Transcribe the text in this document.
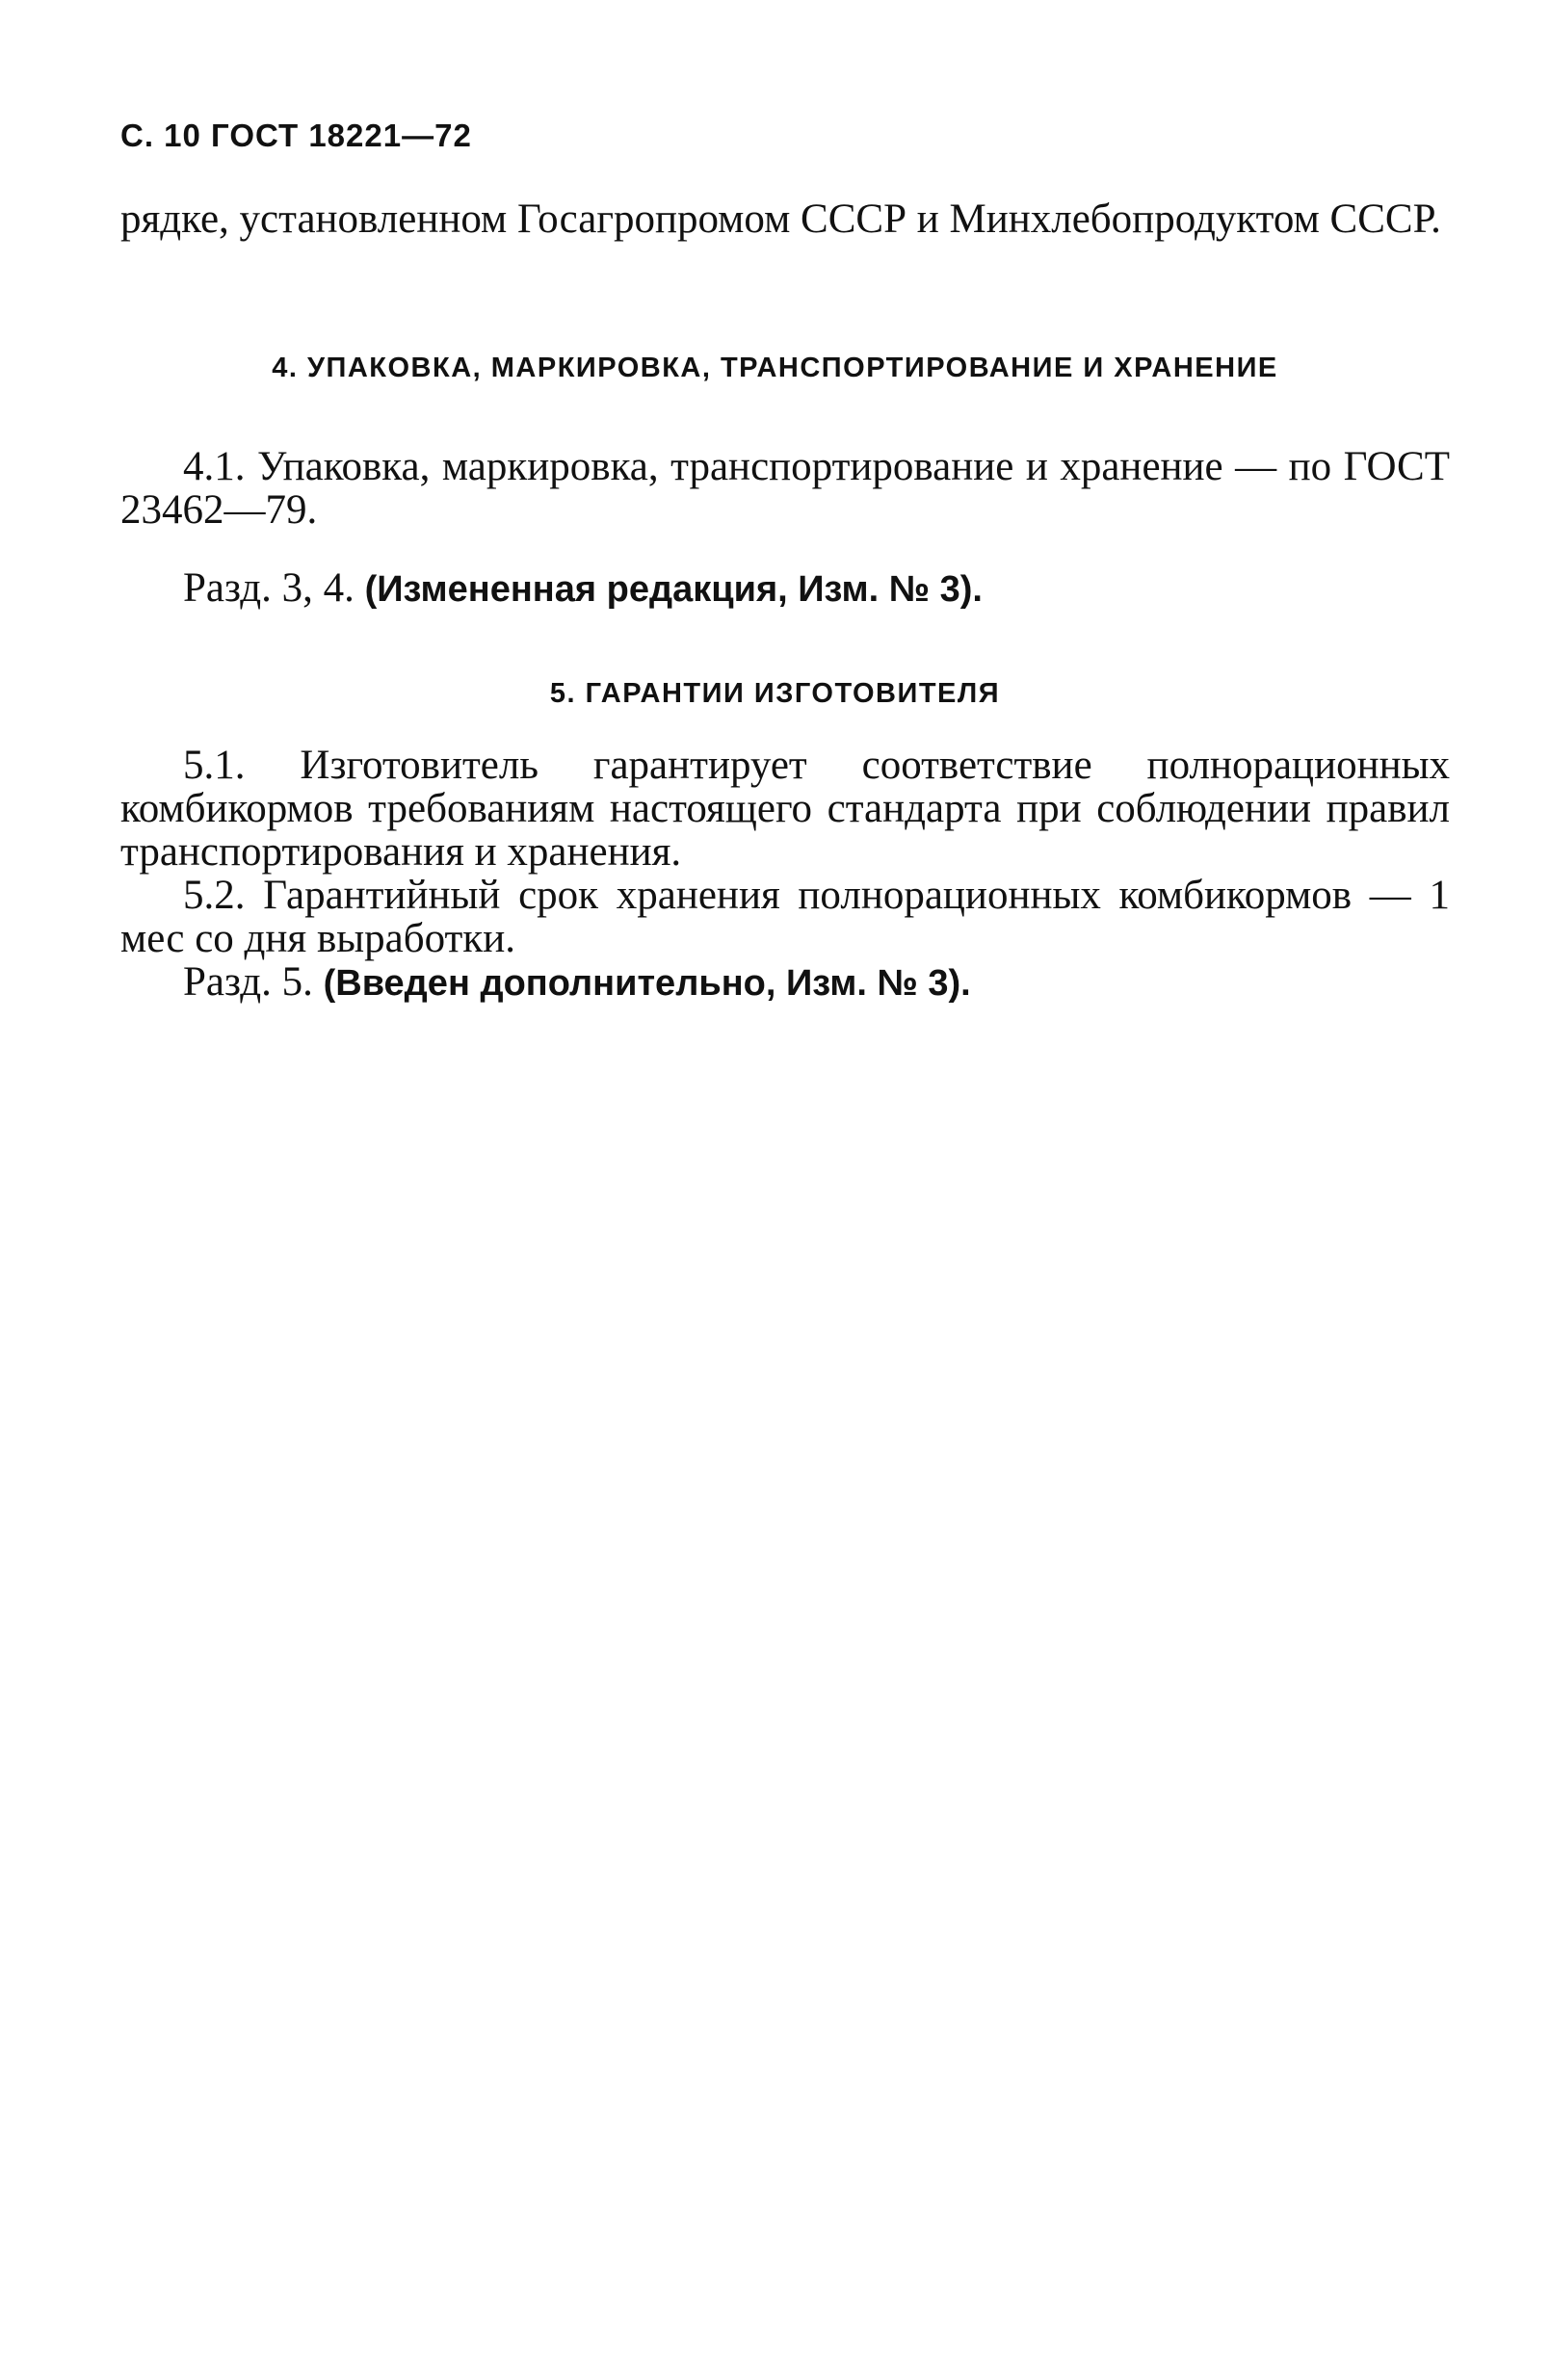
С. 10 ГОСТ 18221—72

рядке, установленном Госагропромом СССР и Минхлебопродуктом СССР.

4. УПАКОВКА, МАРКИРОВКА, ТРАНСПОРТИРОВАНИЕ И ХРАНЕНИЕ

4.1. Упаковка, маркировка, транспортирование и хранение — по ГОСТ 23462—79.

Разд. 3, 4. (Измененная редакция, Изм. № 3).

5. ГАРАНТИИ ИЗГОТОВИТЕЛЯ

5.1. Изготовитель гарантирует соответствие полнорационных комбикормов требованиям настоящего стандарта при соблюдении правил транспортирования и хранения.

5.2. Гарантийный срок хранения полнорационных комбикормов — 1 мес со дня выработки.

Разд. 5. (Введен дополнительно, Изм. № 3).
